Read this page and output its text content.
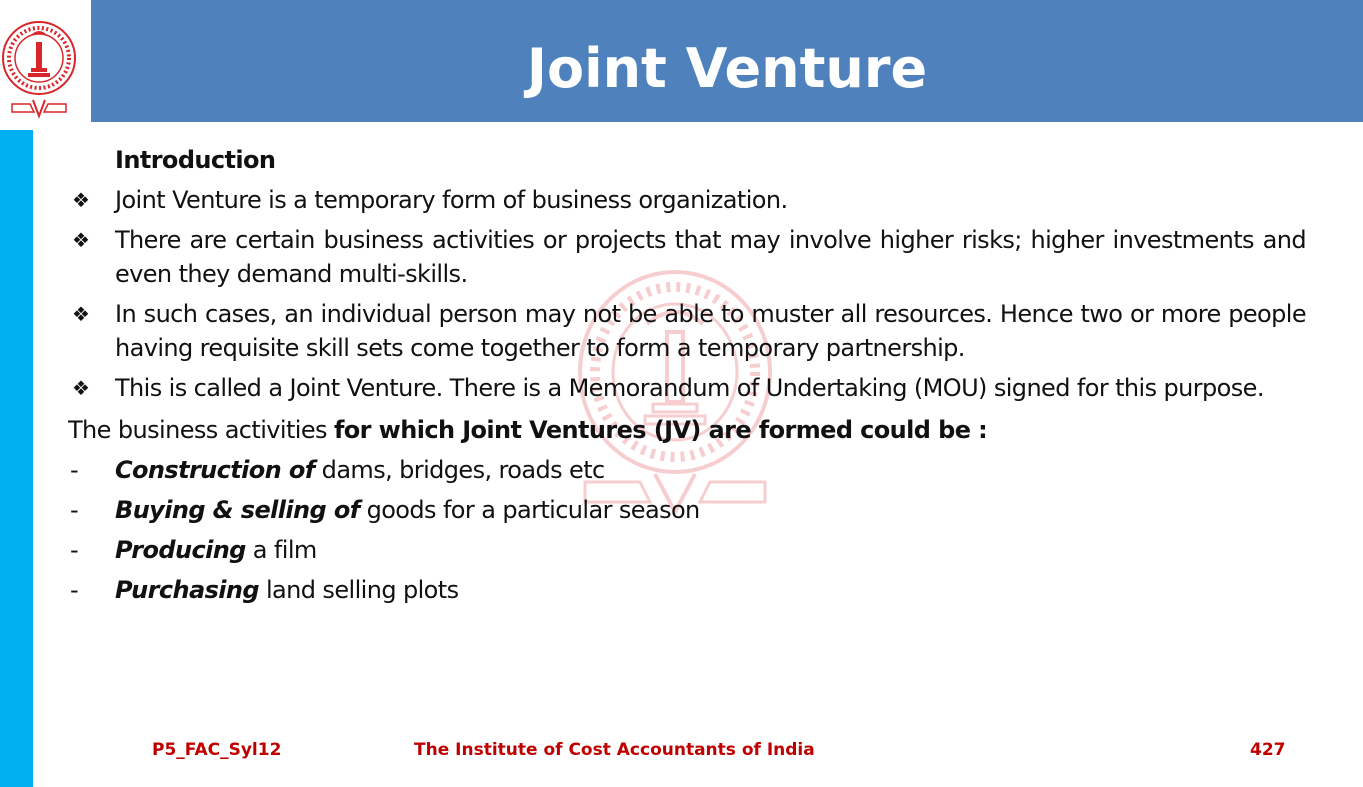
Joint Venture
Introduction
❖ Joint Venture is a temporary form of business organization.
❖ There are certain business activities or projects that may involve higher risks; higher investments and even they demand multi-skills.
❖ In such cases, an individual person may not be able to muster all resources. Hence two or more people having requisite skill sets come together to form a temporary partnership.
❖ This is called a Joint Venture. There is a Memorandum of Undertaking (MOU) signed for this purpose.
The business activities for which Joint Ventures (JV) are formed could be :
- Construction of dams, bridges, roads etc
- Buying & selling of goods for a particular season
- Producing a film
- Purchasing land selling plots
P5_FAC_Syl12	The Institute of Cost Accountants of India	427
